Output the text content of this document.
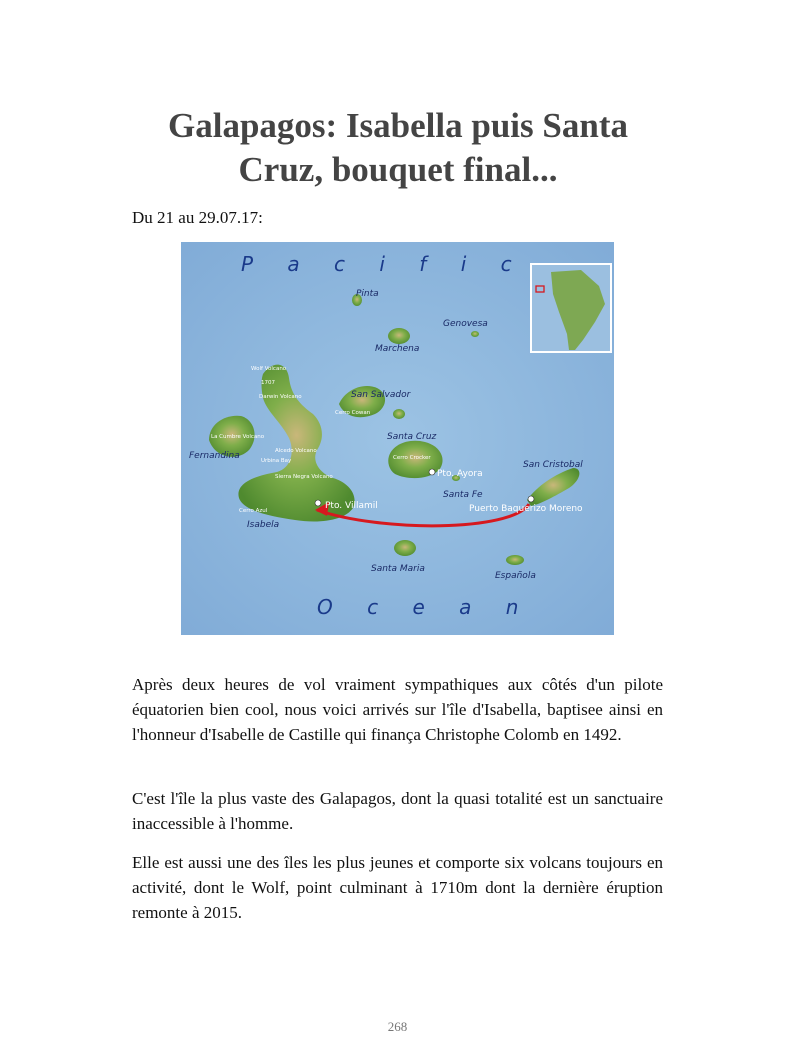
Galapagos: Isabella puis Santa
Cruz, bouquet final...
Du 21 au 29.07.17:
P a c i f i c
O c e a n
Pinta
Genovesa
Marchena
San Salvador
Santa Cruz
San Cristobal
Fernandina
Isabela
Santa Fe
Santa Maria
Española
Wolf Volcano
1707
Darwin Volcano
La Cumbre Volcano
Alcedo Volcano
Urbina Bay
Sierra Negra Volcano
Cerro Azul
Cerro Cowan
Cerro Crocker
Pto. Ayora
Pto. Villamil	Puerto Baquerizo Moreno

Après deux heures de vol vraiment sympathiques aux côtés d'un pilote équatorien bien cool, nous voici arrivés sur l'île d'Isabella, baptisee ainsi en l'honneur d'Isabelle de Castille qui finança Christophe Colomb en 1492.

C'est l'île la plus vaste des Galapagos, dont la quasi totalité est un sanctuaire inaccessible à l'homme.

Elle est aussi une des îles les plus jeunes et comporte six volcans toujours en activité, dont le Wolf, point culminant à 1710m dont la dernière éruption remonte à 2015.

268
